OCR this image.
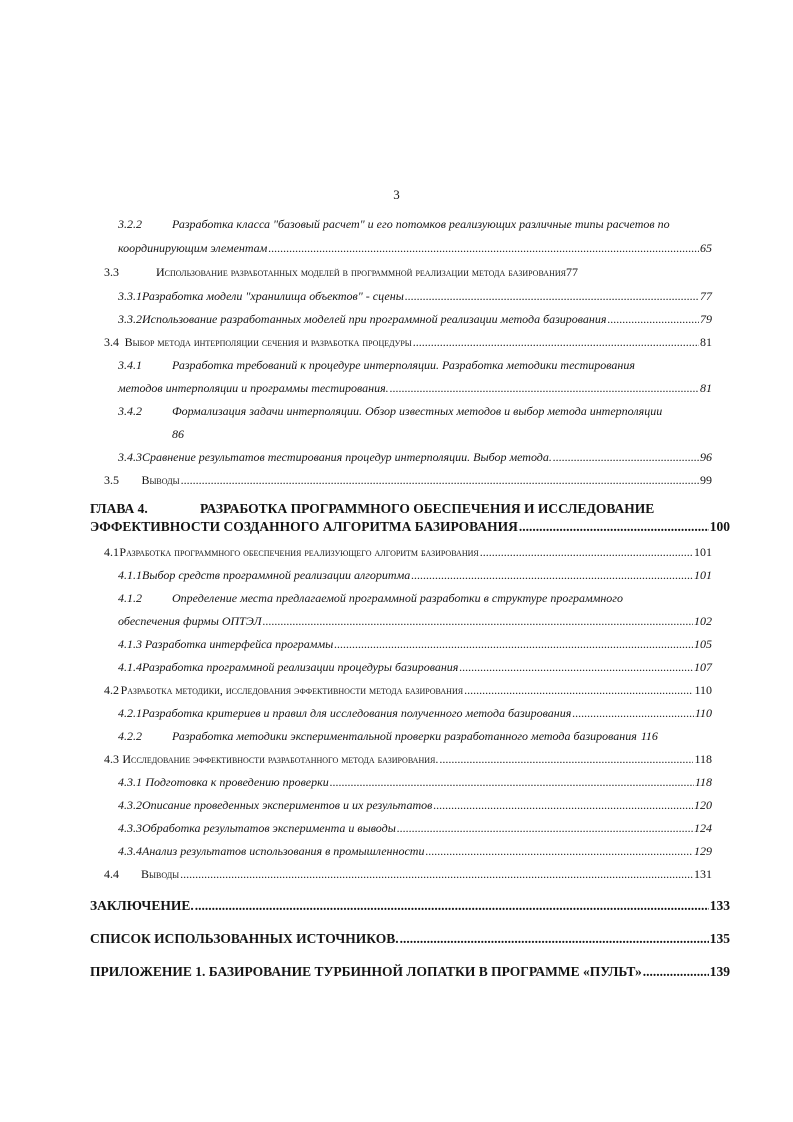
3
3.2.2	Разработка класса "базовый расчет" и его потомков реализующих различные типы расчетов по
координирующим элементам .....	65
3.3	Использование разработанных моделей в программной реализации метода базирования 77
3.3.1 Разработка модели "хранилища объектов" - сцены .....	77
3.3.2 Использование разработанных моделей при программной реализации метода базирования .....	79
3.4 Выбор метода интерполяции сечения и разработка процедуры .....	81
3.4.1	Разработка требований к процедуре интерполяции. Разработка методики тестирования
методов интерполяции и программы тестирования. .....	81
3.4.2	Формализация задачи интерполяции. Обзор известных методов и выбор метода интерполяции
86
3.4.3 Сравнение результатов тестирования процедур интерполяции. Выбор метода. .....	96
3.5	Выводы .....	99
ГЛАВА 4.	РАЗРАБОТКА ПРОГРАММНОГО ОБЕСПЕЧЕНИЯ И ИССЛЕДОВАНИЕ
ЭФФЕКТИВНОСТИ СОЗДАННОГО АЛГОРИТМА БАЗИРОВАНИЯ .....	100
4.1 Разработка программного обеспечения реализующего алгоритм базирования .....	101
4.1.1 Выбор средств программной реализации алгоритма .....	101
4.1.2	Определение места предлагаемой программной разработки в структуре программного
обеспечения фирмы ОПТЭЛ .....	102
4.1.3 Разработка интерфейса программы .....	105
4.1.4 Разработка программной реализации процедуры базирования .....	107
4.2 Разработка методики, исследования эффективности метода базирования .....	110
4.2.1 Разработка критериев и правил для исследования полученного метода базирования .....	110
4.2.2	Разработка методики экспериментальной проверки разработанного метода базирования 116
4.3 Исследование эффективности разработанного метода базирования. .....	118
4.3.1 Подготовка к проведению проверки .....	118
4.3.2 Описание проведенных экспериментов и их результатов .....	120
4.3.3 Обработка результатов эксперимента и выводы .....	124
4.3.4 Анализ результатов использования в промышленности .....	129
4.4	Выводы .....	131
ЗАКЛЮЧЕНИЕ. .....	133
СПИСОК ИСПОЛЬЗОВАННЫХ ИСТОЧНИКОВ. .....	135
ПРИЛОЖЕНИЕ 1. БАЗИРОВАНИЕ ТУРБИННОЙ ЛОПАТКИ В ПРОГРАММЕ «ПУЛЬТ» .....	139
